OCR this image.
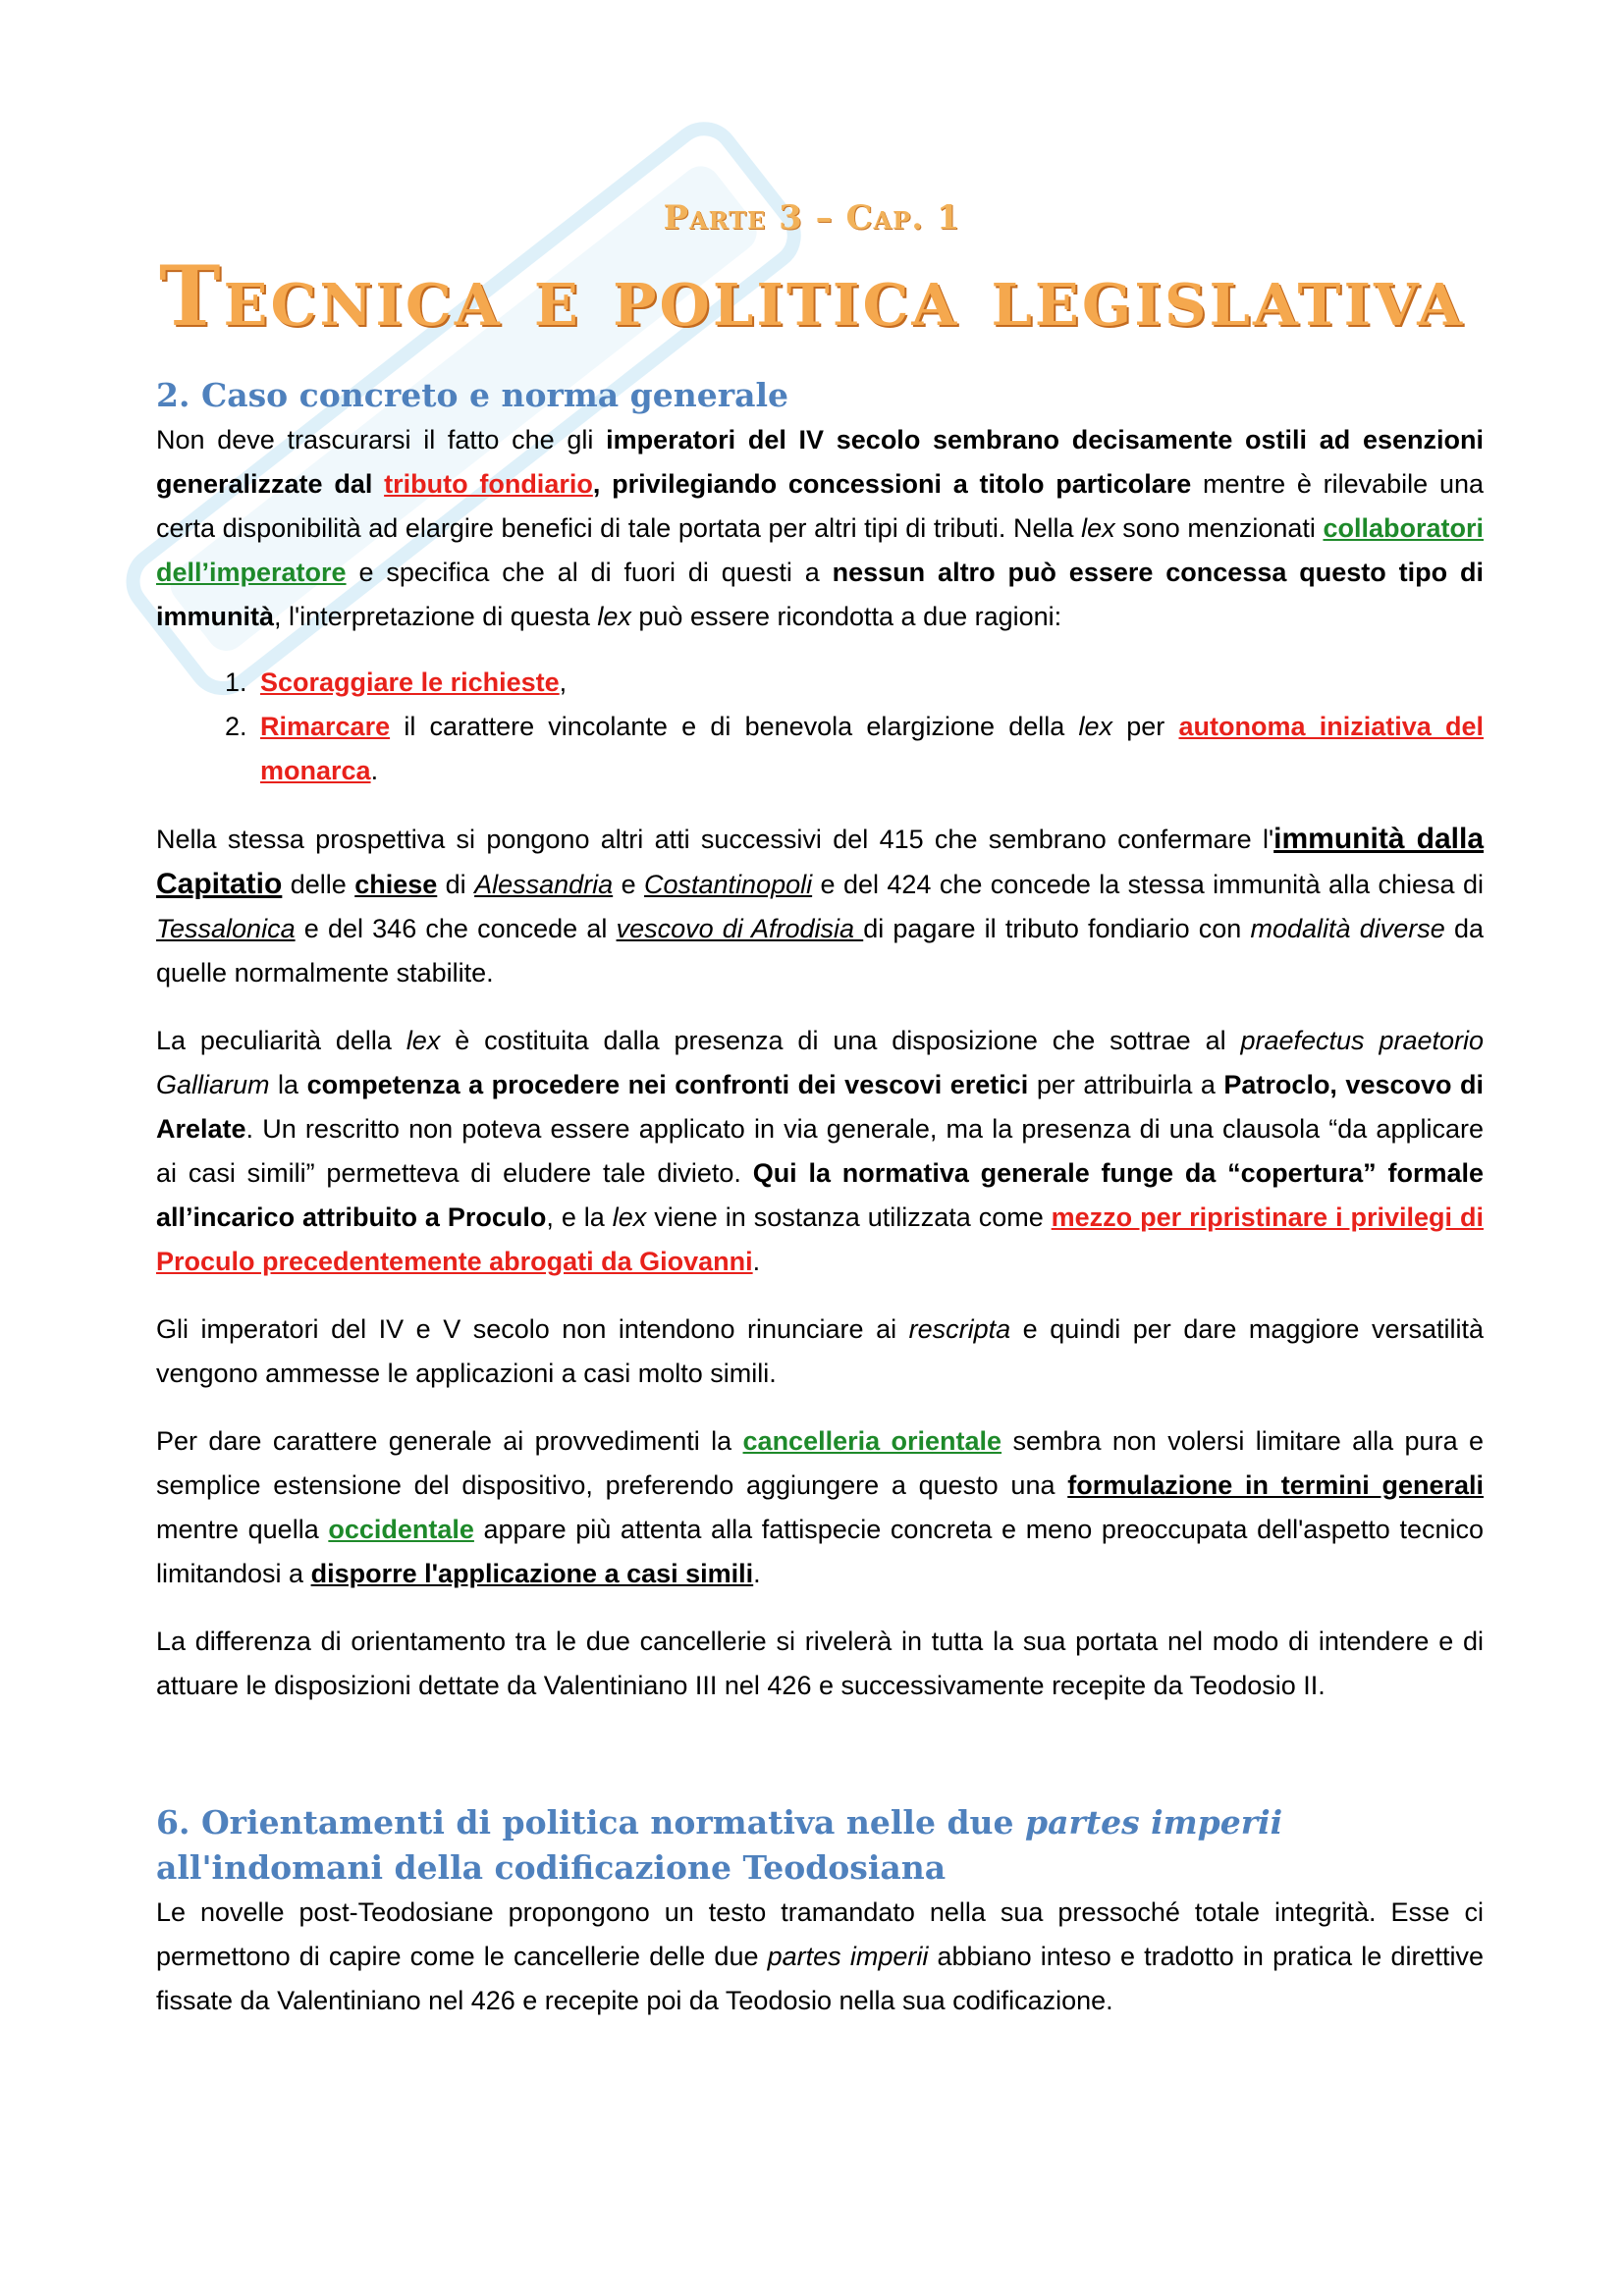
Parte 3 – Cap. 1
Tecnica e politica legislativa
2. Caso concreto e norma generale

Non deve trascurarsi il fatto che gli imperatori del IV secolo sembrano decisamente ostili ad esenzioni generalizzate dal tributo fondiario, privilegiando concessioni a titolo particolare mentre è rilevabile una certa disponibilità ad elargire benefici di tale portata per altri tipi di tributi. Nella lex sono menzionati collaboratori dell’imperatore e specifica che al di fuori di questi a nessun altro può essere concessa questo tipo di immunità, l'interpretazione di questa lex può essere ricondotta a due ragioni:

1. Scoraggiare le richieste,
2. Rimarcare il carattere vincolante e di benevola elargizione della lex per autonoma iniziativa del monarca.

Nella stessa prospettiva si pongono altri atti successivi del 415 che sembrano confermare l'immunità dalla Capitatio delle chiese di Alessandria e Costantinopoli e del 424 che concede la stessa immunità alla chiesa di Tessalonica e del 346 che concede al vescovo di Afrodisia di pagare il tributo fondiario con modalità diverse da quelle normalmente stabilite.

La peculiarità della lex è costituita dalla presenza di una disposizione che sottrae al praefectus praetorio Galliarum la competenza a procedere nei confronti dei vescovi eretici per attribuirla a Patroclo, vescovo di Arelate. Un rescritto non poteva essere applicato in via generale, ma la presenza di una clausola “da applicare ai casi simili” permetteva di eludere tale divieto. Qui la normativa generale funge da “copertura” formale all’incarico attribuito a Proculo, e la lex viene in sostanza utilizzata come mezzo per ripristinare i privilegi di Proculo precedentemente abrogati da Giovanni.

Gli imperatori del IV e V secolo non intendono rinunciare ai rescripta e quindi per dare maggiore versatilità vengono ammesse le applicazioni a casi molto simili.

Per dare carattere generale ai provvedimenti la cancelleria orientale sembra non volersi limitare alla pura e semplice estensione del dispositivo, preferendo aggiungere a questo una formulazione in termini generali mentre quella occidentale appare più attenta alla fattispecie concreta e meno preoccupata dell'aspetto tecnico limitandosi a disporre l'applicazione a casi simili.

La differenza di orientamento tra le due cancellerie si rivelerà in tutta la sua portata nel modo di intendere e di attuare le disposizioni dettate da Valentiniano III nel 426 e successivamente recepite da Teodosio II.

6. Orientamenti di politica normativa nelle due partes imperii all'indomani della codificazione Teodosiana

Le novelle post-Teodosiane propongono un testo tramandato nella sua pressoché totale integrità. Esse ci permettono di capire come le cancellerie delle due partes imperii abbiano inteso e tradotto in pratica le direttive fissate da Valentiniano nel 426 e recepite poi da Teodosio nella sua codificazione.
